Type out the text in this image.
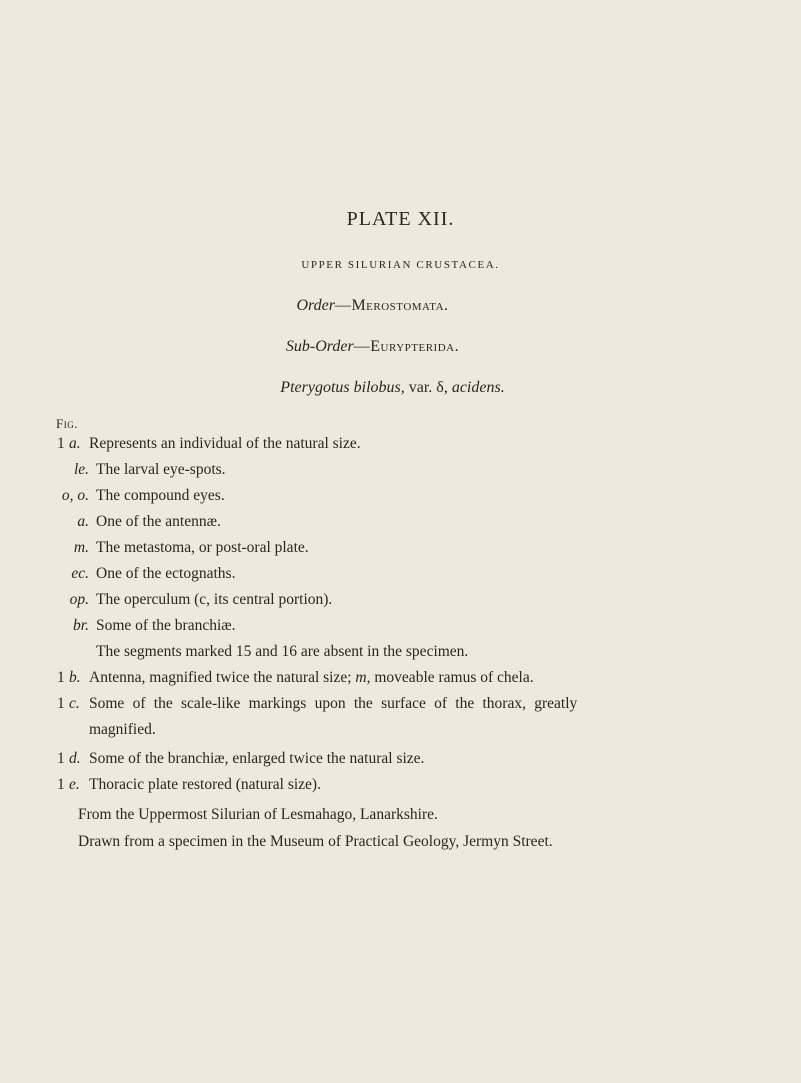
PLATE XII.
UPPER SILURIAN CRUSTACEA.
Order—Merostomata.
Sub-Order—Eurypterida.
Pterygotus bilobus, var. δ, acidens.
Fig.
1 a. Represents an individual of the natural size.
le. The larval eye-spots.
o, o. The compound eyes.
a. One of the antennæ.
m. The metastoma, or post-oral plate.
ec. One of the ectognaths.
op. The operculum (c, its central portion).
br. Some of the branchiæ.
The segments marked 15 and 16 are absent in the specimen.
1 b. Antenna, magnified twice the natural size; m, moveable ramus of chela.
1 c. Some of the scale-like markings upon the surface of the thorax, greatly
magnified.
1 d. Some of the branchiæ, enlarged twice the natural size.
1 e. Thoracic plate restored (natural size).
From the Uppermost Silurian of Lesmahago, Lanarkshire.
Drawn from a specimen in the Museum of Practical Geology, Jermyn Street.
